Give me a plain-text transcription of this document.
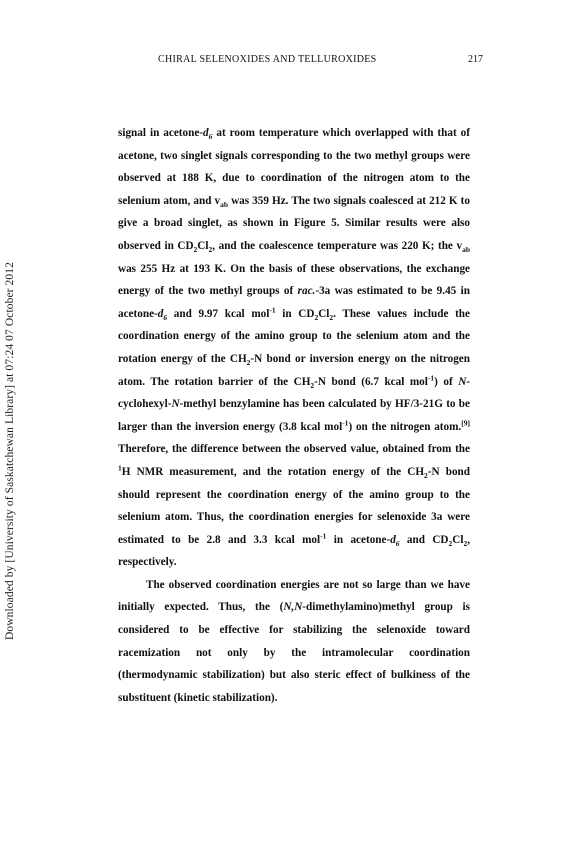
CHIRAL SELENOXIDES AND TELLUROXIDES	217
Downloaded by [University of Saskatchewan Library] at 07:24 07 October 2012

signal in acetone-$d_6$ at room temperature which overlapped with that of acetone, two singlet signals corresponding to the two methyl groups were observed at 188 K, due to coordination of the nitrogen atom to the selenium atom, and $v_{ab}$ was 359 Hz. The two signals coalesced at 212 K to give a broad singlet, as shown in Figure 5. Similar results were also observed in $CD_2Cl_2$, and the coalescence temperature was 220 K; the $v_{ab}$ was 255 Hz at 193 K. On the basis of these observations, the exchange energy of the two methyl groups of rac.-3a was estimated to be 9.45 in acetone-$d_6$ and 9.97 kcal mol$^{-1}$ in $CD_2Cl_2$. These values include the coordination energy of the amino group to the selenium atom and the rotation energy of the $CH_2-N$ bond or inversion energy on the nitrogen atom. The rotation barrier of the $CH_2-N$ bond (6.7 kcal mol$^{-1}$) of N-cyclohexyl-N-methyl benzylamine has been calculated by HF/3-21G to be larger than the inversion energy (3.8 kcal mol$^{-1}$) on the nitrogen atom.[9] Therefore, the difference between the observed value, obtained from the $^1$H NMR measurement, and the rotation energy of the $CH_2-N$ bond should represent the coordination energy of the amino group to the selenium atom. Thus, the coordination energies for selenoxide 3a were estimated to be 2.8 and 3.3 kcal mol$^{-1}$ in acetone-$d_6$ and $CD_2Cl_2$, respectively.

The observed coordination energies are not so large than we have initially expected. Thus, the (N,N-dimethylamino)methyl group is considered to be effective for stabilizing the selenoxide toward racemization not only by the intramolecular coordination (thermodynamic stabilization) but also steric effect of bulkiness of the substituent (kinetic stabilization).
